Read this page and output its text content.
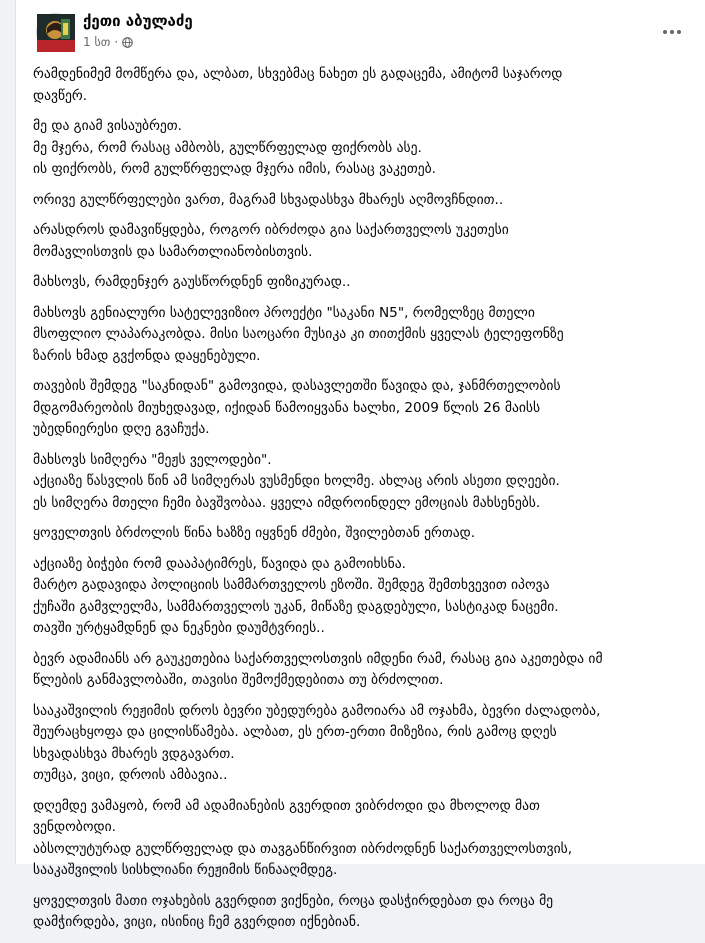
ქეთი აბულაძე
1 სთ ·
რამდენიმემ მომწერა და, ალბათ, სხვებმაც ნახეთ ეს გადაცემა, ამიტომ საჯაროდ
დავწერ.
მე და გიამ ვისაუბრეთ.
მე მჯერა, რომ რასაც ამბობს, გულწრფელად ფიქრობს ასე.
ის ფიქრობს, რომ გულწრფელად მჯერა იმის, რასაც ვაკეთებ.
ორივე გულწრფელები ვართ, მაგრამ სხვადასხვა მხარეს აღმოვჩნდით..
არასდროს დამავიწყდება, როგორ იბრძოდა გია საქართველოს უკეთესი
მომავლისთვის და სამართლიანობისთვის.
მახსოვს, რამდენჯერ გაუსწორდნენ ფიზიკურად..
მახსოვს გენიალური სატელევიზიო პროექტი "საკანი N5", რომელზეც მთელი
მსოფლიო ლაპარაკობდა. მისი საოცარი მუსიკა კი თითქმის ყველას ტელეფონზე
ზარის ხმად გვქონდა დაყენებული.
თავების შემდეგ "საკნიდან" გამოვიდა, დასავლეთში წავიდა და, ჯანმრთელობის
მდგომარეობის მიუხედავად, იქიდან წამოიყვანა ხალხი, 2009 წლის 26 მაისს
უბედნიერესი დღე გვაჩუქა.
მახსოვს სიმღერა "მეჟს ველოდები".
აქციაზე წასვლის წინ ამ სიმღერას ვუსმენდი ხოლმე. ახლაც არის ასეთი დღეები.
ეს სიმღერა მთელი ჩემი ბავშვობაა. ყველა იმდროინდელ ემოციას მახსენებს.
ყოველთვის ბრძოლის წინა ხაზზე იყვნენ ძმები, შვილებთან ერთად.
აქციაზე ბიჭები რომ დააპატიმრეს, წავიდა და გამოიხსნა.
მარტო გადავიდა პოლიციის სამმართველოს ეზოში. შემდეგ შემთხვევით იპოვა
ქუჩაში გამვლელმა, სამმართველოს უკან, მიწაზე დაგდებული, სასტიკად ნაცემი.
თავში ურტყამდნენ და ნეკნები დაუმტვრიეს..
ბევრ ადამიანს არ გაუკეთებია საქართველოსთვის იმდენი რამ, რასაც გია აკეთებდა იმ
წლების განმავლობაში, თავისი შემოქმედებითა თუ ბრძოლით.
სააკაშვილის რეჟიმის დროს ბევრი უბედურება გამოიარა ამ ოჯახმა, ბევრი ძალადობა,
შეურაცხყოფა და ცილისწამება. ალბათ, ეს ერთ-ერთი მიზეზია, რის გამოც დღეს
სხვადასხვა მხარეს ვდგავართ.
თუმცა, ვიცი, დროის ამბავია..
დღემდე ვამაყობ, რომ ამ ადამიანების გვერდით ვიბრძოდი და მხოლოდ მათ
ვენდობოდი.
აბსოლუტურად გულწრფელად და თავგანწირვით იბრძოდნენ საქართველოსთვის,
სააკაშვილის სისხლიანი რეჟიმის წინააღმდეგ.
ყოველთვის მათი ოჯახების გვერდით ვიქნები, როცა დასჭირდებათ და როცა მე
დამჭირდება, ვიცი, ისინიც ჩემ გვერდით იქნებიან.
